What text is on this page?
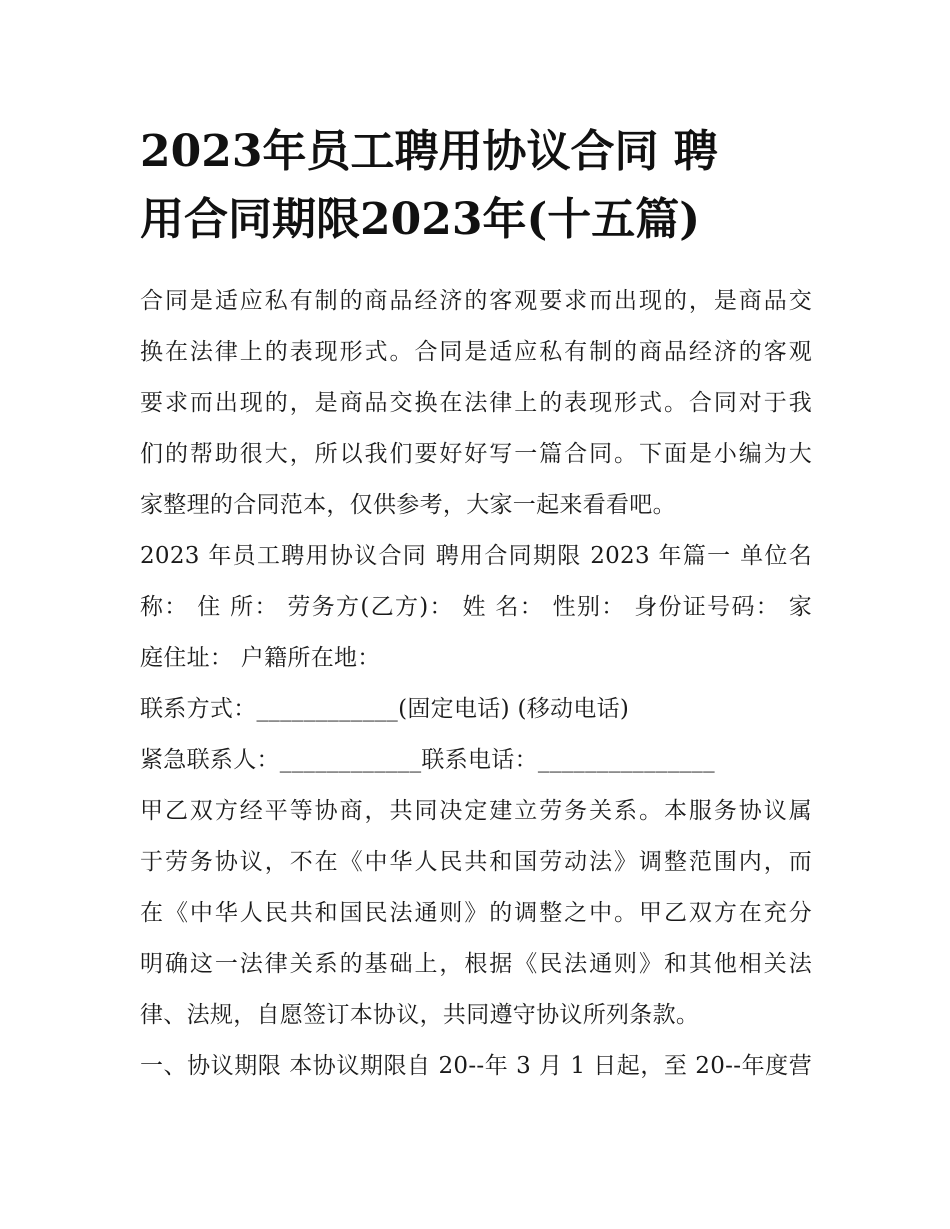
2023年员工聘用协议合同 聘
用合同期限2023年(十五篇)
合同是适应私有制的商品经济的客观要求而出现的，是商品交
换在法律上的表现形式。合同是适应私有制的商品经济的客观
要求而出现的，是商品交换在法律上的表现形式。合同对于我
们的帮助很大，所以我们要好好写一篇合同。下面是小编为大
家整理的合同范本，仅供参考，大家一起来看看吧。
2023 年员工聘用协议合同 聘用合同期限 2023 年篇一 单位名
称： 住 所： 劳务方(乙方)： 姓 名： 性别： 身份证号码： 家
庭住址： 户籍所在地：
联系方式：____________(固定电话) (移动电话)
紧急联系人：____________联系电话：_______________
甲乙双方经平等协商，共同决定建立劳务关系。本服务协议属
于劳务协议，不在《中华人民共和国劳动法》调整范围内，而
在《中华人民共和国民法通则》的调整之中。甲乙双方在充分
明确这一法律关系的基础上，根据《民法通则》和其他相关法
律、法规，自愿签订本协议，共同遵守协议所列条款。
一、协议期限 本协议期限自 20--年 3 月 1 日起，至 20--年度营
